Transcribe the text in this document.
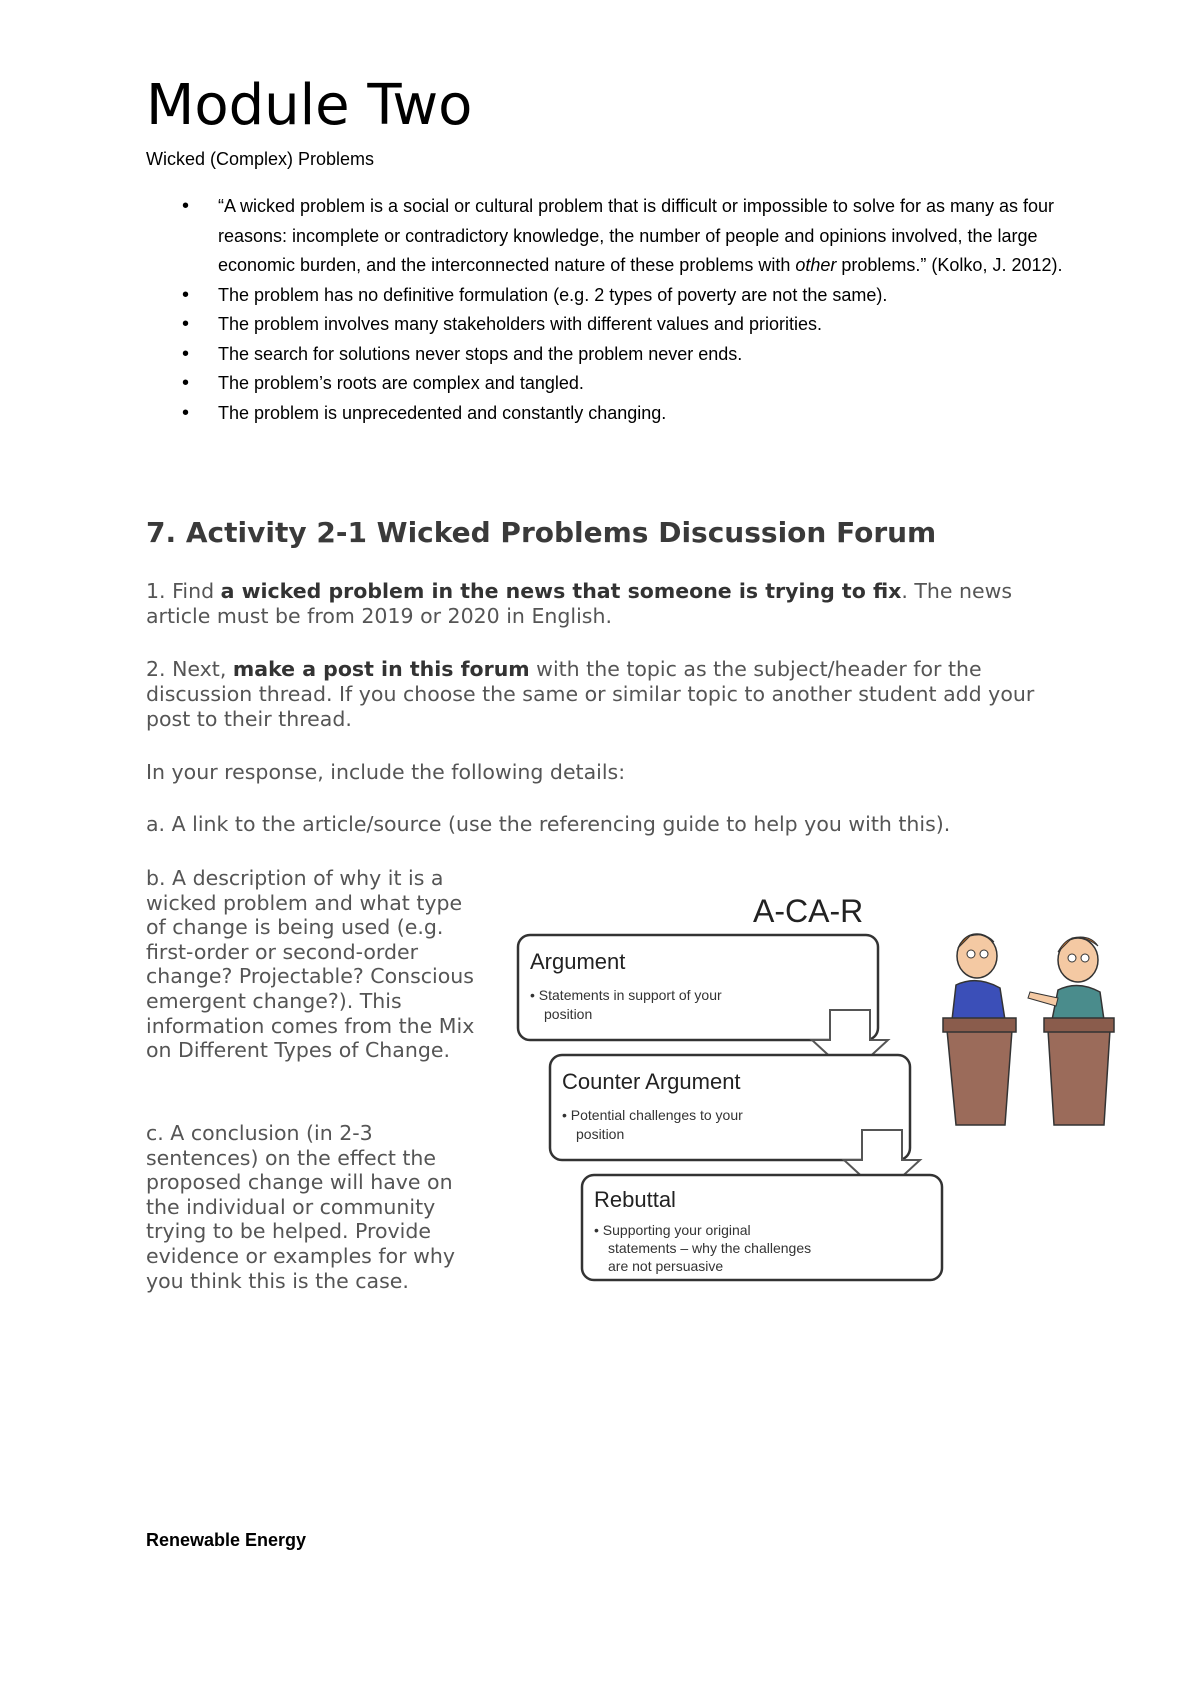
Module Two
Wicked (Complex) Problems
• “A wicked problem is a social or cultural problem that is difficult or impossible to solve for as many as four reasons: incomplete or contradictory knowledge, the number of people and opinions involved, the large economic burden, and the interconnected nature of these problems with other problems.” (Kolko, J. 2012).
• The problem has no definitive formulation (e.g. 2 types of poverty are not the same).
• The problem involves many stakeholders with different values and priorities.
• The search for solutions never stops and the problem never ends.
• The problem’s roots are complex and tangled.
• The problem is unprecedented and constantly changing.
7. Activity 2-1 Wicked Problems Discussion Forum

1. Find a wicked problem in the news that someone is trying to fix. The news article must be from 2019 or 2020 in English.

2. Next, make a post in this forum with the topic as the subject/header for the discussion thread. If you choose the same or similar topic to another student add your post to their thread.

In your response, include the following details:

a. A link to the article/source (use the referencing guide to help you with this).

b. A description of why it is a wicked problem and what type of change is being used (e.g. first-order or second-order change? Projectable? Conscious emergent change?). This information comes from the Mix on Different Types of Change.

c. A conclusion (in 2-3 sentences) on the effect the proposed change will have on the individual or community trying to be helped. Provide evidence or examples for why you think this is the case.

A-CA-R
Argument
• Statements in support of your
position
Counter Argument
• Potential challenges to your
position
Rebuttal
• Supporting your original
statements – why the challenges
are not persuasive
Renewable Energy
